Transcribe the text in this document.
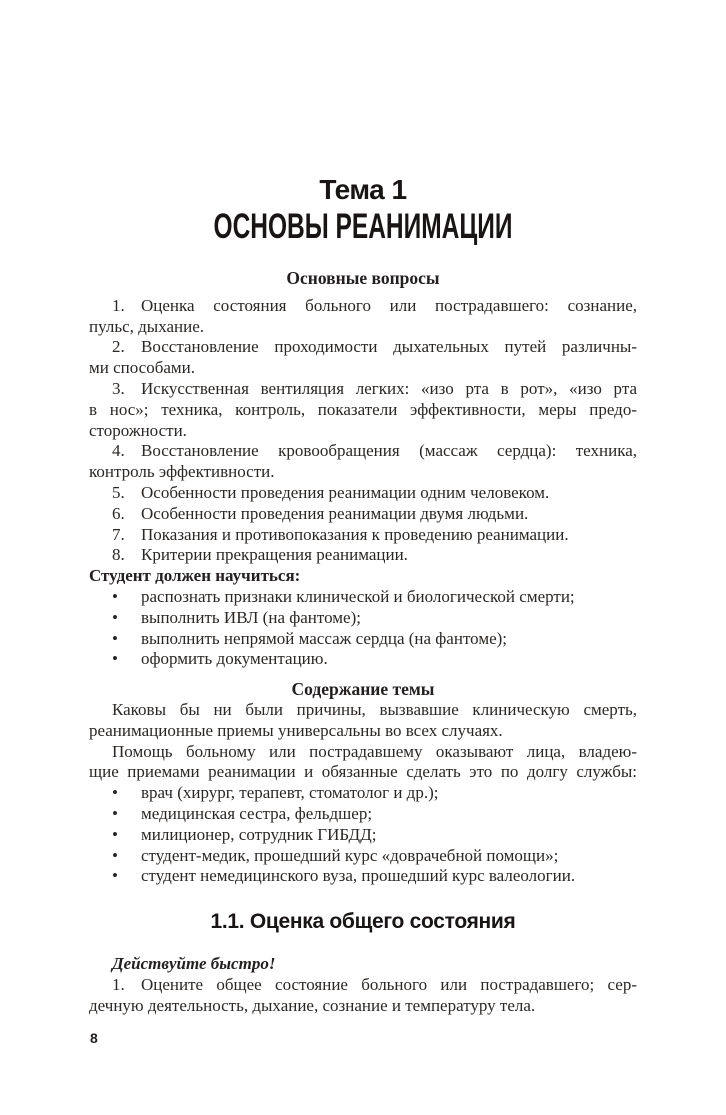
Тема 1
ОСНОВЫ РЕАНИМАЦИИ
Основные вопросы
1. Оценка состояния больного или пострадавшего: сознание,
пульс, дыхание.
2. Восстановление проходимости дыхательных путей различны-
ми способами.
3. Искусственная вентиляция легких: «изо рта в рот», «изо рта
в нос»; техника, контроль, показатели эффективности, меры предо-
сторожности.
4. Восстановление кровообращения (массаж сердца): техника,
контроль эффективности.
5. Особенности проведения реанимации одним человеком.
6. Особенности проведения реанимации двумя людьми.
7. Показания и противопоказания к проведению реанимации.
8. Критерии прекращения реанимации.
Студент должен научиться:
• распознать признаки клинической и биологической смерти;
• выполнить ИВЛ (на фантоме);
• выполнить непрямой массаж сердца (на фантоме);
• оформить документацию.
Содержание темы
Каковы бы ни были причины, вызвавшие клиническую смерть,
реанимационные приемы универсальны во всех случаях.
Помощь больному или пострадавшему оказывают лица, владею-
щие приемами реанимации и обязанные сделать это по долгу службы:
• врач (хирург, терапевт, стоматолог и др.);
• медицинская сестра, фельдшер;
• милиционер, сотрудник ГИБДД;
• студент-медик, прошедший курс «доврачебной помощи»;
• студент немедицинского вуза, прошедший курс валеологии.
1.1. Оценка общего состояния
Действуйте быстро!
1. Оцените общее состояние больного или пострадавшего; сер-
дечную деятельность, дыхание, сознание и температуру тела.
8
